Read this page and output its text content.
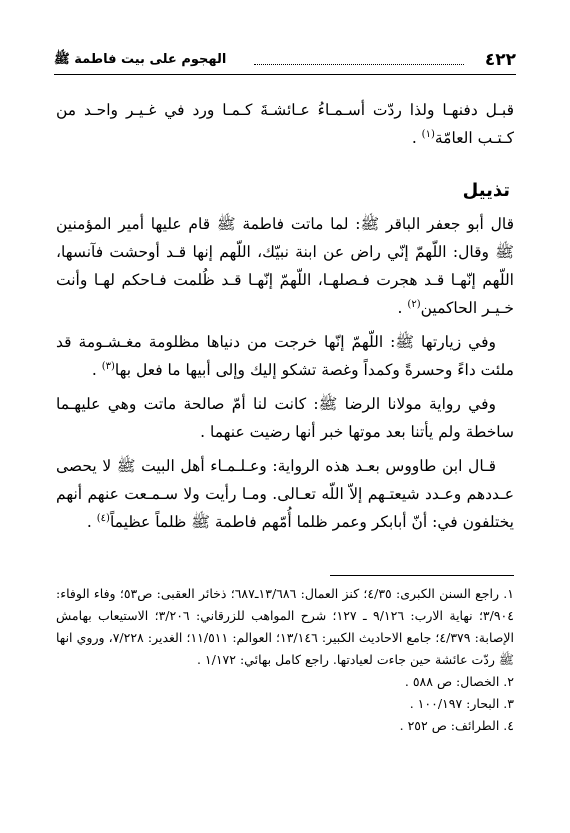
٤٢٢
الهجوم على بيت فاطمة ﷺ

قبـل دفنهـا ولذا ردّت أسـمـاءُ عـائشـةَ كـمـا ورد في غـيـر واحـد من كـتـب العامّة$^{(١)}$ .

تذييل

قال أبو جعفر الباقر ﷺ: لما ماتت فاطمة ﷺ قام عليها أمير المؤمنين ﷺ وقال: اللّهمّ إنّي راض عن ابنة نبيّك، اللّهم إنها قـد أوحشت فآنسها، اللّهم إنّهـا قـد هجرت فـصلهـا، اللّهمّ إنّهـا قـد ظُلمت فـاحكم لهـا وأنت خـيـر الحاكمين$^{(٢)}$ .

وفي زيارتها ﷺ: اللّهمّ إنّها خرجت من دنياها مظلومة مغـشـومة قد ملئت داءً وحسرةً وكمداً وغصة تشكو إليك وإلى أبيها ما فعل بها$^{(٣)}$ .

وفي رواية مولانا الرضا ﷺ: كانت لنا أمّ صالحة ماتت وهي عليهـما ساخطة ولم يأتنا بعد موتها خبر أنها رضيت عنهما .

قـال ابن طاووس بعـد هذه الرواية: وعـلـمـاء أهل البيت ﷺ لا يحصى عـددهم وعـدد شيعتـهم إلاّ اللّه تعـالى. ومـا رأيت ولا سـمـعت عنهم أنهم يختلفون في: أنّ أبابكر وعمر ظلما أُمّهم فاطمة ﷺ ظلماً عظيماً$^{(٤)}$ .

١. راجع السنن الكبرى: ٤/٣٥؛ كنز العمال: ١٣/٦٨٦ـ٦٨٧؛ ذخائر العقبى: ص٥٣؛ وفاء الوفاء: ٣/٩٠٤؛ نهاية الارب: ٩/١٢٦ ـ ١٢٧؛ شرح المواهب للزرقاني: ٣/٢٠٦؛ الاستيعاب بهامش الإصابة: ٤/٣٧٩؛ جامع الاحاديث الكبير: ١٣/١٤٦؛ العوالم: ١١/٥١١؛ الغدير: ٧/٢٢٨، وروي انها ﷺ ردّت عائشة حين جاءت لعيادتها. راجع كامل بهائي: ١/١٧٢ .

٢. الخصال: ص ٥٨٨ .

٣. البحار: ١٠٠/١٩٧ .

٤. الطرائف: ص ٢٥٢ .
